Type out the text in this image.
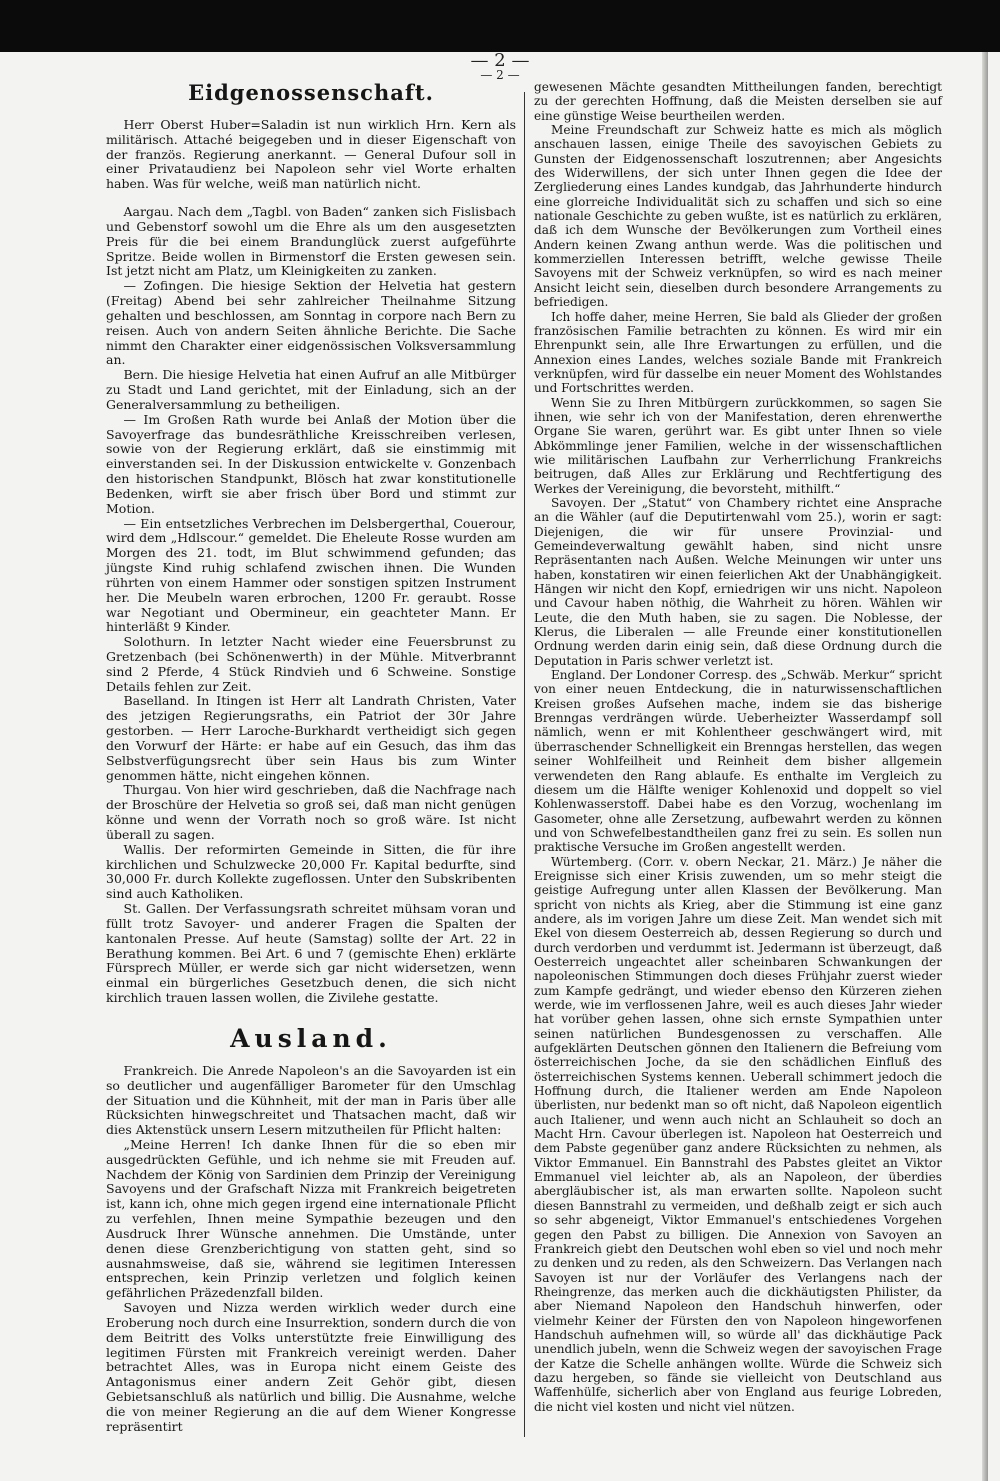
— 2 —
— 2 —
Eidgenossenschaft.

Herr Oberst Huber=Saladin ist nun wirklich Hrn. Kern als militärisch. Attaché beigegeben und in dieser Eigenschaft von der französ. Regierung anerkannt. — General Dufour soll in einer Privataudienz bei Napoleon sehr viel Worte erhalten haben. Was für welche, weiß man natürlich nicht.

Aargau. Nach dem „Tagbl. von Baden“ zanken sich Fislisbach und Gebenstorf sowohl um die Ehre als um den ausgesetzten Preis für die bei einem Brandunglück zuerst aufgeführte Spritze. Beide wollen in Birmenstorf die Ersten gewesen sein. Ist jetzt nicht am Platz, um Kleinigkeiten zu zanken.

— Zofingen. Die hiesige Sektion der Helvetia hat gestern (Freitag) Abend bei sehr zahlreicher Theilnahme Sitzung gehalten und beschlossen, am Sonntag in corpore nach Bern zu reisen. Auch von andern Seiten ähnliche Berichte. Die Sache nimmt den Charakter einer eidgenössischen Volksversammlung an.

Bern. Die hiesige Helvetia hat einen Aufruf an alle Mitbürger zu Stadt und Land gerichtet, mit der Einladung, sich an der Generalversammlung zu betheiligen.

— Im Großen Rath wurde bei Anlaß der Motion über die Savoyerfrage das bundesräthliche Kreisschreiben verlesen, sowie von der Regierung erklärt, daß sie einstimmig mit einverstanden sei. In der Diskussion entwickelte v. Gonzenbach den historischen Standpunkt, Blösch hat zwar konstitutionelle Bedenken, wirft sie aber frisch über Bord und stimmt zur Motion.

— Ein entsetzliches Verbrechen im Delsbergerthal, Couerour, wird dem „Hdlscour.“ gemeldet. Die Eheleute Rosse wurden am Morgen des 21. todt, im Blut schwimmend gefunden; das jüngste Kind ruhig schlafend zwischen ihnen. Die Wunden rührten von einem Hammer oder sonstigen spitzen Instrument her. Die Meubeln waren erbrochen, 1200 Fr. geraubt. Rosse war Negotiant und Obermineur, ein geachteter Mann. Er hinterläßt 9 Kinder.

Solothurn. In letzter Nacht wieder eine Feuersbrunst zu Gretzenbach (bei Schönenwerth) in der Mühle. Mitverbrannt sind 2 Pferde, 4 Stück Rindvieh und 6 Schweine. Sonstige Details fehlen zur Zeit.

Baselland. In Itingen ist Herr alt Landrath Christen, Vater des jetzigen Regierungsraths, ein Patriot der 30r Jahre gestorben. — Herr Laroche-Burkhardt vertheidigt sich gegen den Vorwurf der Härte: er habe auf ein Gesuch, das ihm das Selbstverfügungsrecht über sein Haus bis zum Winter genommen hätte, nicht eingehen können.

Thurgau. Von hier wird geschrieben, daß die Nachfrage nach der Broschüre der Helvetia so groß sei, daß man nicht genügen könne und wenn der Vorrath noch so groß wäre. Ist nicht überall zu sagen.

Wallis. Der reformirten Gemeinde in Sitten, die für ihre kirchlichen und Schulzwecke 20,000 Fr. Kapital bedurfte, sind 30,000 Fr. durch Kollekte zugeflossen. Unter den Subskribenten sind auch Katholiken.

St. Gallen. Der Verfassungsrath schreitet mühsam voran und füllt trotz Savoyer- und anderer Fragen die Spalten der kantonalen Presse. Auf heute (Samstag) sollte der Art. 22 in Berathung kommen. Bei Art. 6 und 7 (gemischte Ehen) erklärte Fürsprech Müller, er werde sich gar nicht widersetzen, wenn einmal ein bürgerliches Gesetzbuch denen, die sich nicht kirchlich trauen lassen wollen, die Zivilehe gestatte.

Ausland.

Frankreich. Die Anrede Napoleon's an die Savoyarden ist ein so deutlicher und augenfälliger Barometer für den Umschlag der Situation und die Kühnheit, mit der man in Paris über alle Rücksichten hinwegschreitet und Thatsachen macht, daß wir dies Aktenstück unsern Lesern mitzutheilen für Pflicht halten:

„Meine Herren! Ich danke Ihnen für die so eben mir ausgedrückten Gefühle, und ich nehme sie mit Freuden auf. Nachdem der König von Sardinien dem Prinzip der Vereinigung Savoyens und der Grafschaft Nizza mit Frankreich beigetreten ist, kann ich, ohne mich gegen irgend eine internationale Pflicht zu verfehlen, Ihnen meine Sympathie bezeugen und den Ausdruck Ihrer Wünsche annehmen. Die Umstände, unter denen diese Grenzberichtigung von statten geht, sind so ausnahmsweise, daß sie, während sie legitimen Interessen entsprechen, kein Prinzip verletzen und folglich keinen gefährlichen Präzedenzfall bilden.

Savoyen und Nizza werden wirklich weder durch eine Eroberung noch durch eine Insurrektion, sondern durch die von dem Beitritt des Volks unterstützte freie Einwilligung des legitimen Fürsten mit Frankreich vereinigt werden. Daher betrachtet Alles, was in Europa nicht einem Geiste des Antagonismus einer andern Zeit Gehör gibt, diesen Gebietsanschluß als natürlich und billig. Die Ausnahme, welche die von meiner Regierung an die auf dem Wiener Kongresse repräsentirt

gewesenen Mächte gesandten Mittheilungen fanden, berechtigt zu der gerechten Hoffnung, daß die Meisten derselben sie auf eine günstige Weise beurtheilen werden.

Meine Freundschaft zur Schweiz hatte es mich als möglich anschauen lassen, einige Theile des savoyischen Gebiets zu Gunsten der Eidgenossenschaft loszutrennen; aber Angesichts des Widerwillens, der sich unter Ihnen gegen die Idee der Zergliederung eines Landes kundgab, das Jahrhunderte hindurch eine glorreiche Individualität sich zu schaffen und sich so eine nationale Geschichte zu geben wußte, ist es natürlich zu erklären, daß ich dem Wunsche der Bevölkerungen zum Vortheil eines Andern keinen Zwang anthun werde. Was die politischen und kommerziellen Interessen betrifft, welche gewisse Theile Savoyens mit der Schweiz verknüpfen, so wird es nach meiner Ansicht leicht sein, dieselben durch besondere Arrangements zu befriedigen.

Ich hoffe daher, meine Herren, Sie bald als Glieder der großen französischen Familie betrachten zu können. Es wird mir ein Ehrenpunkt sein, alle Ihre Erwartungen zu erfüllen, und die Annexion eines Landes, welches soziale Bande mit Frankreich verknüpfen, wird für dasselbe ein neuer Moment des Wohlstandes und Fortschrittes werden.

Wenn Sie zu Ihren Mitbürgern zurückkommen, so sagen Sie ihnen, wie sehr ich von der Manifestation, deren ehrenwerthe Organe Sie waren, gerührt war. Es gibt unter Ihnen so viele Abkömmlinge jener Familien, welche in der wissenschaftlichen wie militärischen Laufbahn zur Verherrlichung Frankreichs beitrugen, daß Alles zur Erklärung und Rechtfertigung des Werkes der Vereinigung, die bevorsteht, mithilft.“

Savoyen. Der „Statut“ von Chambery richtet eine Ansprache an die Wähler (auf die Deputirtenwahl vom 25.), worin er sagt: Diejenigen, die wir für unsere Provinzial- und Gemeindeverwaltung gewählt haben, sind nicht unsre Repräsentanten nach Außen. Welche Meinungen wir unter uns haben, konstatiren wir einen feierlichen Akt der Unabhängigkeit. Hängen wir nicht den Kopf, erniedrigen wir uns nicht. Napoleon und Cavour haben nöthig, die Wahrheit zu hören. Wählen wir Leute, die den Muth haben, sie zu sagen. Die Noblesse, der Klerus, die Liberalen — alle Freunde einer konstitutionellen Ordnung werden darin einig sein, daß diese Ordnung durch die Deputation in Paris schwer verletzt ist.

England. Der Londoner Corresp. des „Schwäb. Merkur“ spricht von einer neuen Entdeckung, die in naturwissenschaftlichen Kreisen großes Aufsehen mache, indem sie das bisherige Brenngas verdrängen würde. Ueberheizter Wasserdampf soll nämlich, wenn er mit Kohlentheer geschwängert wird, mit überraschender Schnelligkeit ein Brenngas herstellen, das wegen seiner Wohlfeilheit und Reinheit dem bisher allgemein verwendeten den Rang ablaufe. Es enthalte im Vergleich zu diesem um die Hälfte weniger Kohlenoxid und doppelt so viel Kohlenwasserstoff. Dabei habe es den Vorzug, wochenlang im Gasometer, ohne alle Zersetzung, aufbewahrt werden zu können und von Schwefelbestandtheilen ganz frei zu sein. Es sollen nun praktische Versuche im Großen angestellt werden.

Würtemberg. (Corr. v. obern Neckar, 21. März.) Je näher die Ereignisse sich einer Krisis zuwenden, um so mehr steigt die geistige Aufregung unter allen Klassen der Bevölkerung. Man spricht von nichts als Krieg, aber die Stimmung ist eine ganz andere, als im vorigen Jahre um diese Zeit. Man wendet sich mit Ekel von diesem Oesterreich ab, dessen Regierung so durch und durch verdorben und verdummt ist. Jedermann ist überzeugt, daß Oesterreich ungeachtet aller scheinbaren Schwankungen der napoleonischen Stimmungen doch dieses Frühjahr zuerst wieder zum Kampfe gedrängt, und wieder ebenso den Kürzeren ziehen werde, wie im verflossenen Jahre, weil es auch dieses Jahr wieder hat vorüber gehen lassen, ohne sich ernste Sympathien unter seinen natürlichen Bundesgenossen zu verschaffen. Alle aufgeklärten Deutschen gönnen den Italienern die Befreiung vom österreichischen Joche, da sie den schädlichen Einfluß des österreichischen Systems kennen. Ueberall schimmert jedoch die Hoffnung durch, die Italiener werden am Ende Napoleon überlisten, nur bedenkt man so oft nicht, daß Napoleon eigentlich auch Italiener, und wenn auch nicht an Schlauheit so doch an Macht Hrn. Cavour überlegen ist. Napoleon hat Oesterreich und dem Pabste gegenüber ganz andere Rücksichten zu nehmen, als Viktor Emmanuel. Ein Bannstrahl des Pabstes gleitet an Viktor Emmanuel viel leichter ab, als an Napoleon, der überdies abergläubischer ist, als man erwarten sollte. Napoleon sucht diesen Bannstrahl zu vermeiden, und deßhalb zeigt er sich auch so sehr abgeneigt, Viktor Emmanuel's entschiedenes Vorgehen gegen den Pabst zu billigen. Die Annexion von Savoyen an Frankreich giebt den Deutschen wohl eben so viel und noch mehr zu denken und zu reden, als den Schweizern. Das Verlangen nach Savoyen ist nur der Vorläufer des Verlangens nach der Rheingrenze, das merken auch die dickhäutigsten Philister, da aber Niemand Napoleon den Handschuh hinwerfen, oder vielmehr Keiner der Fürsten den von Napoleon hingeworfenen Handschuh aufnehmen will, so würde all' das dickhäutige Pack unendlich jubeln, wenn die Schweiz wegen der savoyischen Frage der Katze die Schelle anhängen wollte. Würde die Schweiz sich dazu hergeben, so fände sie vielleicht von Deutschland aus Waffenhülfe, sicherlich aber von England aus feurige Lobreden, die nicht viel kosten und nicht viel nützen.
